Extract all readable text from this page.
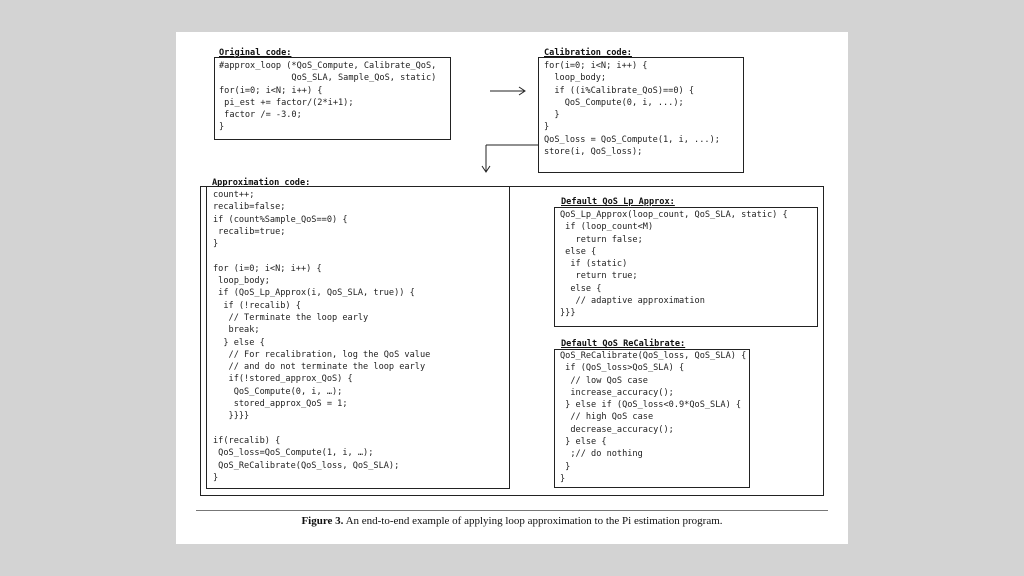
Original code:
#approx_loop (*QoS_Compute, Calibrate_QoS,
QoS_SLA, Sample_QoS, static)
for(i=0; i<N; i++) {
pi_est += factor/(2*i+1);
factor /= -3.0;
}
Calibration code:
for(i=0; i<N; i++) {
loop_body;
if ((i%Calibrate_QoS)==0) {
QoS_Compute(0, i, ...);
}
}
QoS_loss = QoS_Compute(1, i, ...);
store(i, QoS_loss);
Approximation code:
count++;
recalib=false;
if (count%Sample_QoS==0) {
recalib=true;
}
for (i=0; i<N; i++) {
loop_body;
if (QoS_Lp_Approx(i, QoS_SLA, true)) {
if (!recalib) {
// Terminate the loop early
break;
} else {
// For recalibration, log the QoS value
// and do not terminate the loop early
if(!stored_approx_QoS) {
QoS_Compute(0, i, …);
stored_approx_QoS = 1;
}}}}
if(recalib) {
QoS_loss=QoS_Compute(1, i, …);
QoS_ReCalibrate(QoS_loss, QoS_SLA);
}
Default QoS_Lp_Approx:
QoS_Lp_Approx(loop_count, QoS_SLA, static) {
if (loop_count<M)
return false;
else {
if (static)
return true;
else {
// adaptive approximation
}}}
Default QoS_ReCalibrate:
QoS_ReCalibrate(QoS_loss, QoS_SLA) {
if (QoS_loss>QoS_SLA) {
// low QoS case
increase_accuracy();
} else if (QoS_loss<0.9*QoS_SLA) {
// high QoS case
decrease_accuracy();
} else {
;// do nothing
}
}
Figure 3. An end-to-end example of applying loop approximation to the Pi estimation program.
